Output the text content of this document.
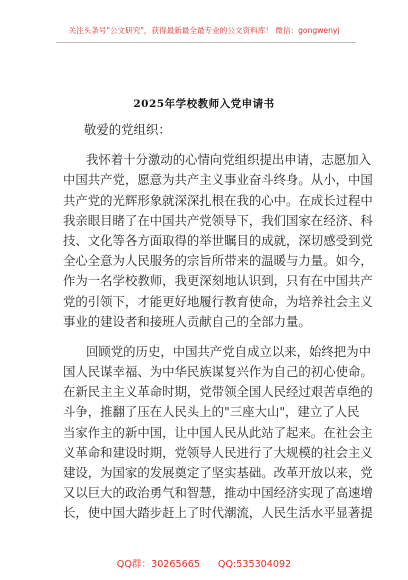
关注头条号"公文研究"，获得最新最全最专业的公文资料库！ 微信：gongwenyj
2025年学校教师入党申请书
敬爱的党组织：
我怀着十分激动的心情向党组织提出申请，志愿加入
中国共产党，愿意为共产主义事业奋斗终身。从小，中国
共产党的光辉形象就深深扎根在我的心中。在成长过程中
我亲眼目睹了在中国共产党领导下，我们国家在经济、科
技、文化等各方面取得的举世瞩目的成就，深切感受到党
全心全意为人民服务的宗旨所带来的温暖与力量。如今，
作为一名学校教师，我更深刻地认识到，只有在中国共产
党的引领下，才能更好地履行教育使命，为培养社会主义
事业的建设者和接班人贡献自己的全部力量。
回顾党的历史，中国共产党自成立以来，始终把为中
国人民谋幸福、为中华民族谋复兴作为自己的初心使命。
在新民主主义革命时期，党带领全国人民经过艰苦卓绝的
斗争，推翻了压在人民头上的"三座大山"，建立了人民
当家作主的新中国，让中国人民从此站了起来。在社会主
义革命和建设时期，党领导人民进行了大规模的社会主义
建设，为国家的发展奠定了坚实基础。改革开放以来，党
又以巨大的政治勇气和智慧，推动中国经济实现了高速增
长，使中国大踏步赶上了时代潮流，人民生活水平显著提
QQ群：30265665 QQ:535304092
